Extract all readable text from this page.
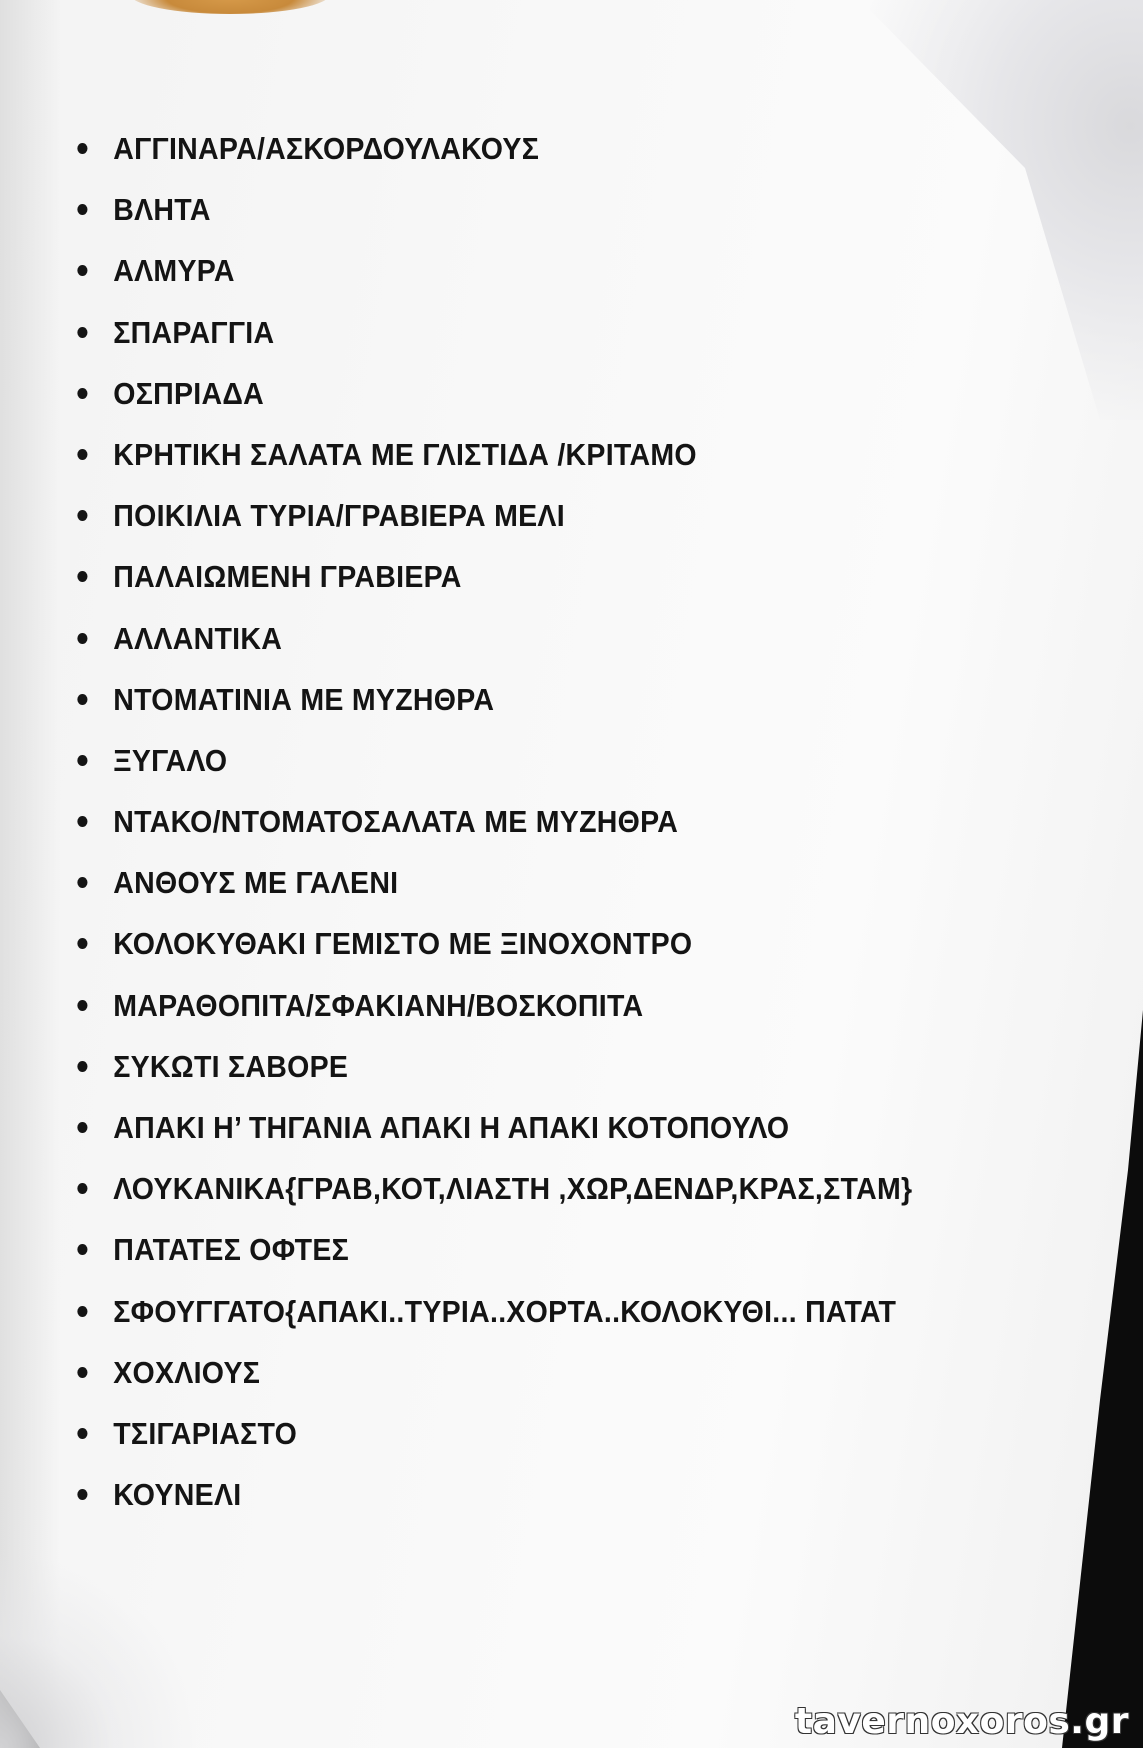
ΑΓΓΙΝΑΡΑ/ΑΣΚΟΡΔΟΥΛΑΚΟΥΣ
ΒΛΗΤΑ
ΑΛΜΥΡΑ
ΣΠΑΡΑΓΓΙΑ
ΟΣΠΡΙΑΔΑ
ΚΡΗΤΙΚΗ ΣΑΛΑΤΑ ΜΕ ΓΛΙΣΤΙΔΑ /ΚΡΙΤΑΜΟ
ΠΟΙΚΙΛΙΑ ΤΥΡΙΑ/ΓΡΑΒΙΕΡΑ ΜΕΛΙ
ΠΑΛΑΙΩΜΕΝΗ ΓΡΑΒΙΕΡΑ
ΑΛΛΑΝΤΙΚΑ
ΝΤΟΜΑΤΙΝΙΑ ΜΕ ΜΥΖΗΘΡΑ
ΞΥΓΑΛΟ
ΝΤΑΚΟ/ΝΤΟΜΑΤΟΣΑΛΑΤΑ ΜΕ ΜΥΖΗΘΡΑ
ΑΝΘΟΥΣ ΜΕ ΓΑΛΕΝΙ
ΚΟΛΟΚΥΘΑΚΙ ΓΕΜΙΣΤΟ ΜΕ ΞΙΝΟΧΟΝΤΡΟ
ΜΑΡΑΘΟΠΙΤΑ/ΣΦΑΚΙΑΝΗ/ΒΟΣΚΟΠΙΤΑ
ΣΥΚΩΤΙ ΣΑΒΟΡΕ
ΑΠΑΚΙ Η’ ΤΗΓΑΝΙΑ ΑΠΑΚΙ Η ΑΠΑΚΙ ΚΟΤΟΠΟΥΛΟ
ΛΟΥΚΑΝΙΚΑ{ΓΡΑΒ,ΚΟΤ,ΛΙΑΣΤΗ ,ΧΩΡ,ΔΕΝΔΡ,ΚΡΑΣ,ΣΤΑΜ}
ΠΑΤΑΤΕΣ ΟΦΤΕΣ
ΣΦΟΥΓΓΑΤΟ{ΑΠΑΚΙ..ΤΥΡΙΑ..ΧΟΡΤΑ..ΚΟΛΟΚΥΘΙ... ΠΑΤΑΤ
ΧΟΧΛΙΟΥΣ
ΤΣΙΓΑΡΙΑΣΤΟ
ΚΟΥΝΕΛΙ
tavernoxoros.gr
